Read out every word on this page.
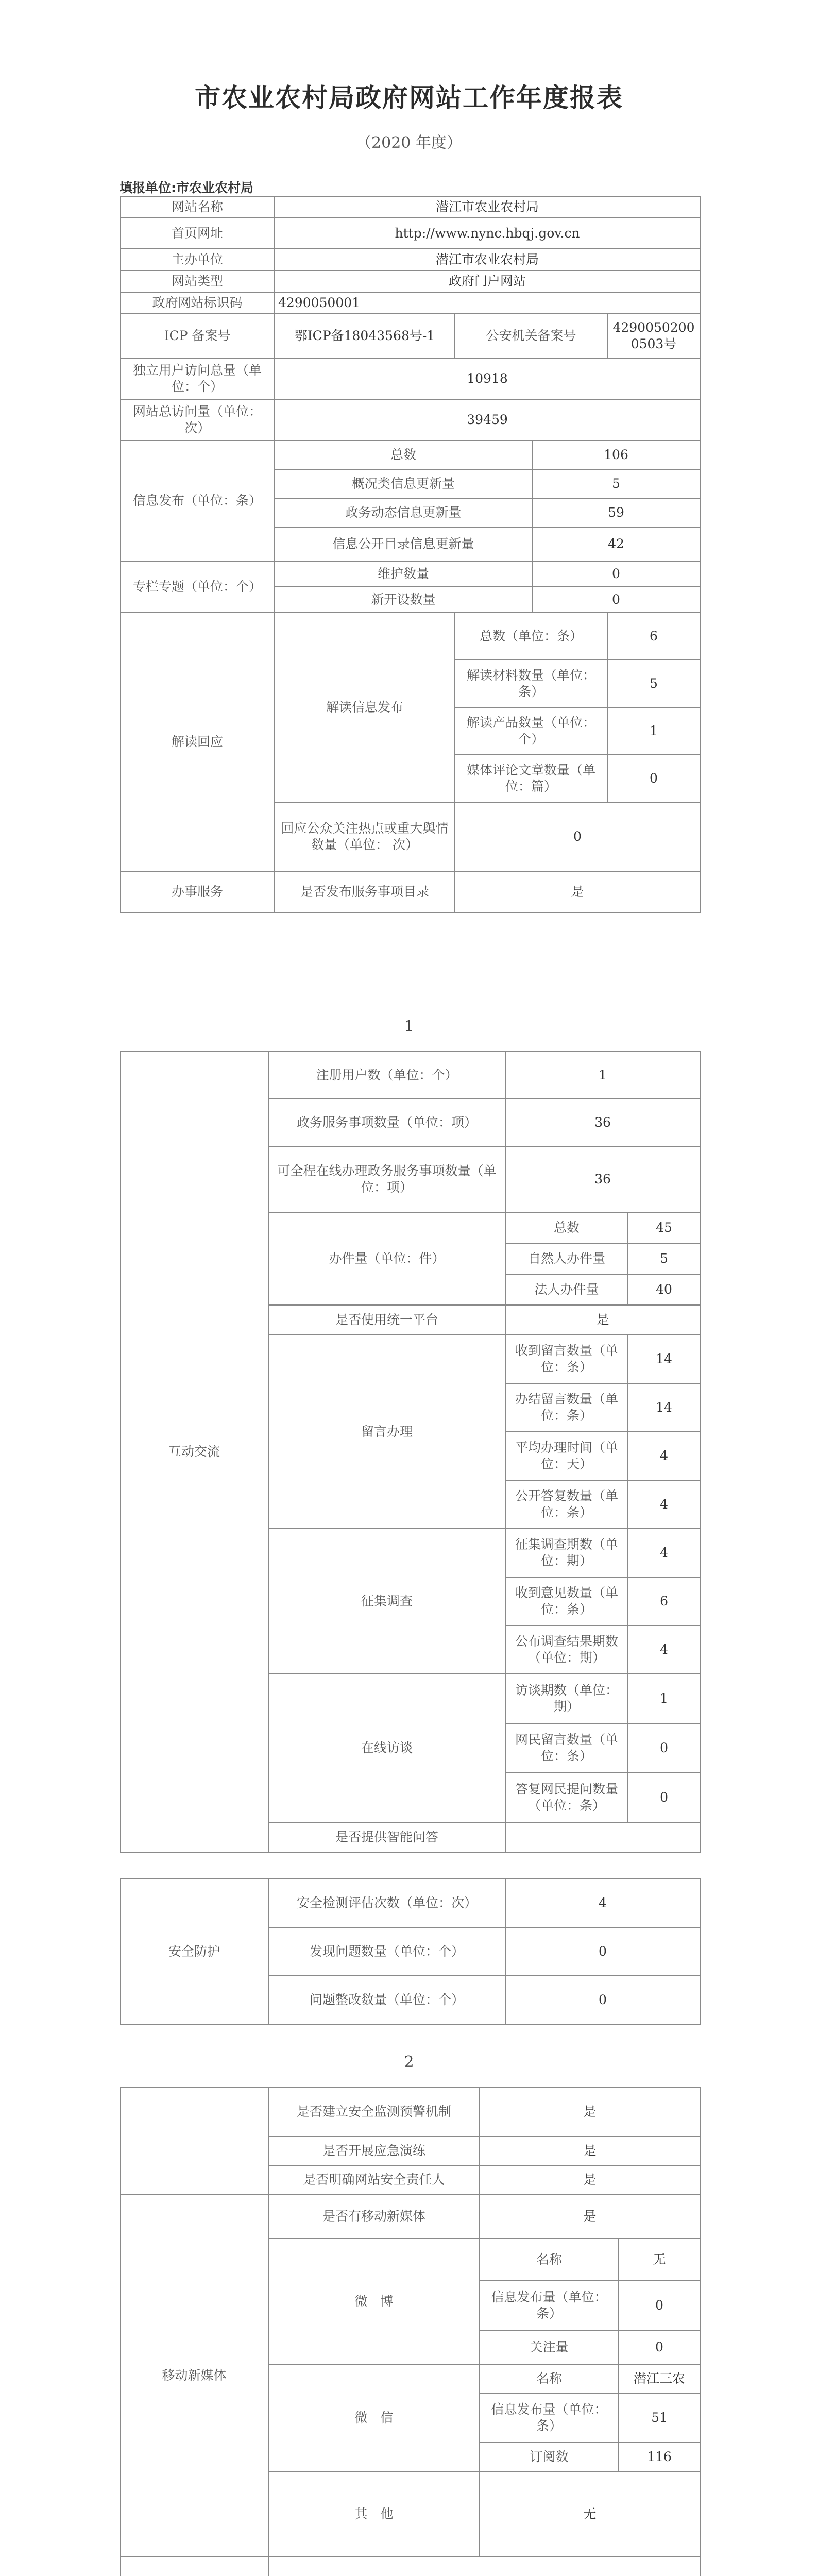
市农业农村局政府网站工作年度报表
（2020 年度）
填报单位:市农业农村局
网站名称	潜江市农业农村局			
首页网址	http://www.nync.hbqj.gov.cn			
主办单位	潜江市农业农村局			
网站类型	政府门户网站			
政府网站标识码	4290050001			
ICP 备案号	鄂ICP备18043568号-1	公安机关备案号		42900502000503号
独立用户访问总量（单位：个）	10918			
网站总访问量（单位：次）	39459			
信息发布（单位：条）	总数		106	
	概况类信息更新量		5	
	政务动态信息更新量		59	
	信息公开目录信息更新量		42	
专栏专题（单位：个）	维护数量		0	
	新开设数量		0	
解读回应	解读信息发布	总数（单位：条）		6
		解读材料数量（单位：条）		5
		解读产品数量（单位：个）		1
		媒体评论文章数量（单位：篇）		0
	回应公众关注热点或重大舆情数量（单位： 次）	0		
办事服务	是否发布服务事项目录	是		
1
互动交流	注册用户数（单位：个）	1	
	政务服务事项数量（单位：项）	36	
	可全程在线办理政务服务事项数量（单位：项）	36	
	办件量（单位：件）	总数	45
		自然人办件量	5
		法人办件量	40
	是否使用统一平台	是	
	留言办理	收到留言数量（单位：条）	14
		办结留言数量（单位：条）	14
		平均办理时间（单位：天）	4
		公开答复数量（单位：条）	4
	征集调查	征集调查期数（单位：期）	4
		收到意见数量（单位：条）	6
		公布调查结果期数（单位：期）	4
	在线访谈	访谈期数（单位：期）	1
		网民留言数量（单位：条）	0
		答复网民提问数量（单位：条）	0
	是否提供智能问答		
安全防护	安全检测评估次数（单位：次）	4
	发现问题数量（单位：个）	0
	问题整改数量（单位：个）	0
2
	是否建立安全监测预警机制	是	
	是否开展应急演练	是	
	是否明确网站安全责任人	是	
移动新媒体	是否有移动新媒体	是	
	微　博	名称	无
		信息发布量（单位：条）	0
		关注量	0
	微　信	名称	潜江三农
		信息发布量（单位：条）	51
		订阅数	116
	其　他	无	
